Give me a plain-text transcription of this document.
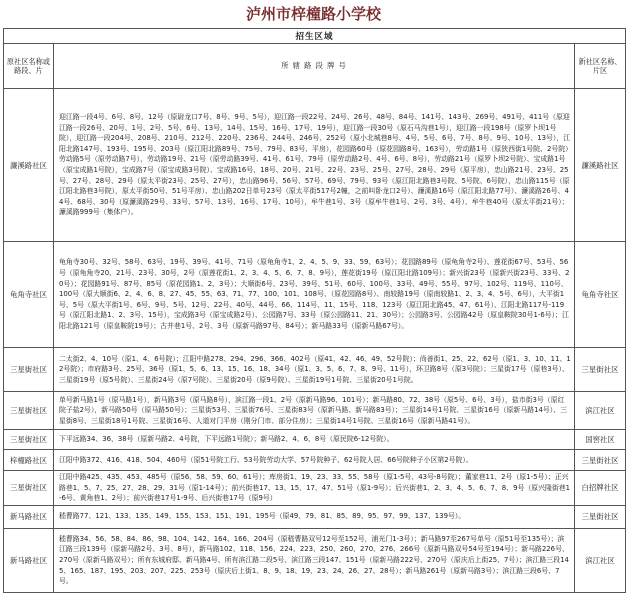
泸州市梓橦路小学校
招生区域		
原社区名称或路段、片	所 辖 路 段 牌 号	新社区名称、片区
濂溪路社区	迎江路一段4号、6号、8号、12号（原尉龙口7号、8号、9号、5号），迎江路一段22号、24号、26号、48号、84号、141号、143号、269号、491号、411号（原迎江路一段26号、20号、1号、2号、5号、6号、13号、14号、15号、16号、17号、19号），迎江路一段30号（原石马沟巷1号），迎江路一段198号（原罗卜坝1号院），迎江路一段204号、208号、210号、212号、220号、236号、244号、246号、252号（原小北城巷8号、4号、5号、6号、7号、8号、9号、10号、13号），江阳北路147号、193号、195号、203号（原江阳北路89号、75号、79号、83号、平房），花园路60号（原花园路8号、163号），劳动路1号（原狭西街1号院、2号院）劳动路5号（原劳动路7号），劳动路19号、21号（原劳动路39号、41号、61号、79号（原劳动路2号、4号、6号、8号），劳动路21号（原罗卜坝2号院）、宝成路1号（原宝成路1号院），宝成路7号（原宝成路3号院）、宝成路16号、18号、20号、21号、22号、23号、25号、27号、28号、29号（原平房），忠山路21号、23号、25号、27号、28号、29号（原太平街23号、25号、27号），忠山路96号、56号、57号、69号、79号、93号（原江阳北路巷3号院、5号院、6号院），忠山路115号（原江阳北路巷3号院），原太平街50号、51号平房）、忠山路202日单号23号（原太平街517号2幢，之前叫卧龙口2号）、濂溪路16号（原江阳北路77号）、濂溪路26号、44号、68号、30号（原濂溪路29号、33号、57号、13号、16号、17号、10号），牟牛巷1号、3号（原牟牛巷1号、2号、3号、4号）、牟牛巷40号（原太平街21号）；濂溪路999号（集体户）。	濂溪路社区
龟角寺社区	龟角寺30号、32号、58号、63号、19号、39号、41号、71号（原龟角寺1、2、4、5、9、33、59、63号）；花园路89号（原龟角寺2号）、莲花街67号、53号、56号（原龟角寺20、21号、23号、30号，2号（原莲花街1、2、3、4、5、6、7、8、9号），莲花街19号（原江阳北路109号）；新兴街23号（原新兴街23号、33号、20号）；花园路91号、87号、85号（原花园路1、2、3号）；大顺街6号、23号、39号、51号、60号、100号、33号、49号、55号、97号、102号、119号、110号、100号（原大顺街6、2、4、6、8、27、45、55、63、71、77、100、101、108号、（原花园路8号）、南较路19号（原南较路1、2、3、4、5号、6号），大平街1号、5号（原大平街1号、6号、9号、5号、12号、22号、40号、44号、66、114号、11、15号、118、123号（原江阳北路45、47、61号）、江阳北路117号-119号（原江阳北路1、2、3号、15号），宝成路3号（原宝成路2号）、公园路7号、33号（原公园路11、21、30号）；公园路3号、公园路42号（原皇鞍院30号1-6号）；江阳北路121号（原皇鞍院19号）；古井巷1号、2号、3号（原新马路97号、84号）；新马路33号（原新马路67号）。	龟角寺社区
三星街社区	二太街2、4、10号（原1、4、6号院）；江阳中路278、294、296、366、402号（原41、42、46、49、52号院）；尚善街1、25、22、62号（原1、3、10、11、12号院）；市府路3号、25号、36号（原1、5、6、13、15、16、18、34号（原1、3、5、6、7、8、9号、11号），环卫路8号（原3号院）；三星街17号（原巷3号）、三星街19号（原5号院）、三星街24号（原7号院）、三星街20号（原9号院）、三星街19号1号院、三星街20号1号院。	三星街社区
三星街社区	单号新马路1号（原马路1号），新马路3号（原马路8号），滨江路一段1、2号（原新马路96、101号）；新马路80、72、38号（原5号、6号、3号），盐市街3号（原红院子盐2号），新马路50号（原马路50号）；三星街53号、三星街76号、三星街83号（原新马路、新马路83号）；三星街14号1号院、三星街16号（原新马路14号）、三星街8号、三星街18号1号院、三星街16号、人道对门平房（刚分门市、部分住房）；三星街14号1号院、三星街16号（原新马路41号）。	滨江社区
三星街社区	下平远路34、36、38号（原新马路2、4号院，下平远路1号院）；新马路2、4、6、8号（原民院6-12号院）。	国窖社区
梓橦路社区	江阳中路372、416、418、504、460号（原51号院工行、53号院劳动大学、57号院种子、62号院人居、66号院种子小区第2号院）。	三星街社区
三星街社区	江阳中路425、435、453、485号（原56、58、59、60、61号）；库房街1、19、23、33、55、58号（原1-5号、43号-8号院）；董家巷11、2号（原1-5号）；正兴路巷1、5、7、25、27、28、29、31号（原1-14号）；前兴街巷17、13、15、17、47、51号（原1-9号）；后兴街巷1、2、3、4、5、6、7、8、9号（原兴隆街巷1-6号、黄角巷1、2号）；前兴街巷17号1-9号、后兴街巷17号（原9号）	白招牌社区
新马路社区	嵇曹路77、121、133、135、149、155、153、151、191、195号（原49、79、81、85、89、95、97、99、137、139号）。	三星街社区
新马路社区	嵇曹路34、56、58、84、86、98、104、142、164、166、204号（原嵇曹路双号12号至152号，浦光门1-3号）；新马路97至267号单号（原51号至135号）；滨江路三段139号（原新马路2号、3号、8号），新马路102、118、156、224、223、250、260、270、276、266号（原新马路双号54号至194号）；新马路226号、270号（原新马路双号）；所有东城府邸、新马路4号、所有滨江路二段5号、滨江路三段147、151号（原新马路222号、270号（原庆后上街25、7号）；滨江路三段145、165、187、195、203、207、225、253号（原庆后上街1、8、9、18、19、23、24、26、27、28号）；新马路261号（原新马路3号）；滨江路三段6号、7号。	滨江社区
